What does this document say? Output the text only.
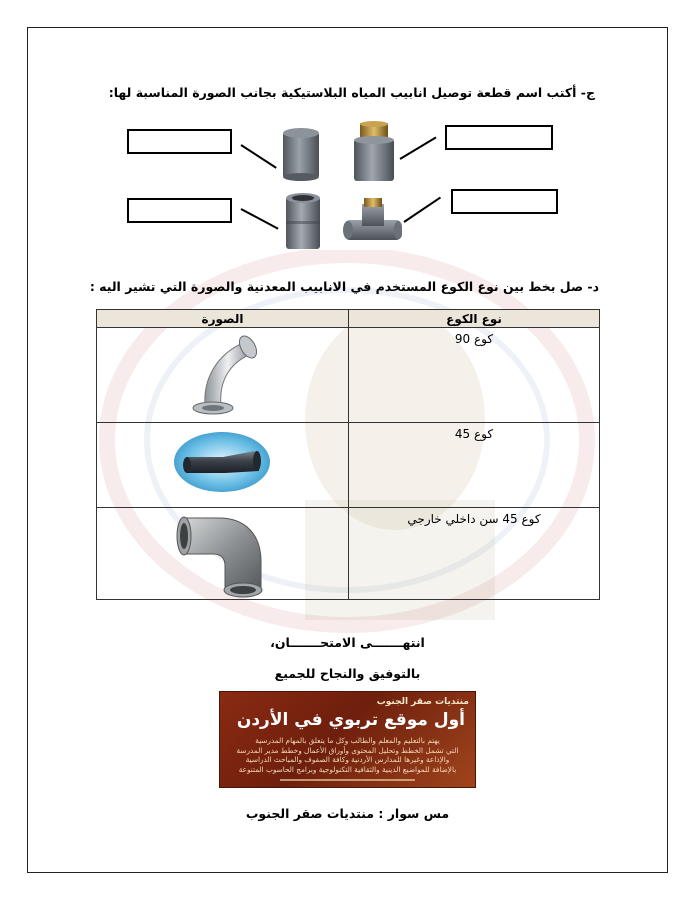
ج- أكتب اسم قطعة توصيل انابيب المياه البلاستيكية بجانب الصورة المناسبة لها:
د- صل بخط بين نوع الكوع المستخدم في الانابيب المعدنية والصورة التي تشير اليه :
نوع الكوع	الصورة
كوع 90	

كوع 45	

كوع 45 سن داخلي خارجي	
انتهـــــــى الامتحـــــــان،
بالتوفيق والنجاح للجميع
منتديات صقر الجنوب
أول موقع تربوي في الأردن
يهتم بالتعليم والمعلم والطالب وكل ما يتعلق بالمهام المدرسية
التي تشمل الخطط وتحليل المحتوى وأوراق الأعمال وخطط مدير المدرسة
والإذاعة وغيرها للمدارس الأردنية وكافة الصفوف والمباحث الدراسية
بالإضافة للمواضيع الدينية والثقافية التكنولوجية وبرامج الحاسوب المتنوعة
مس سوار : منتديات صقر الجنوب
